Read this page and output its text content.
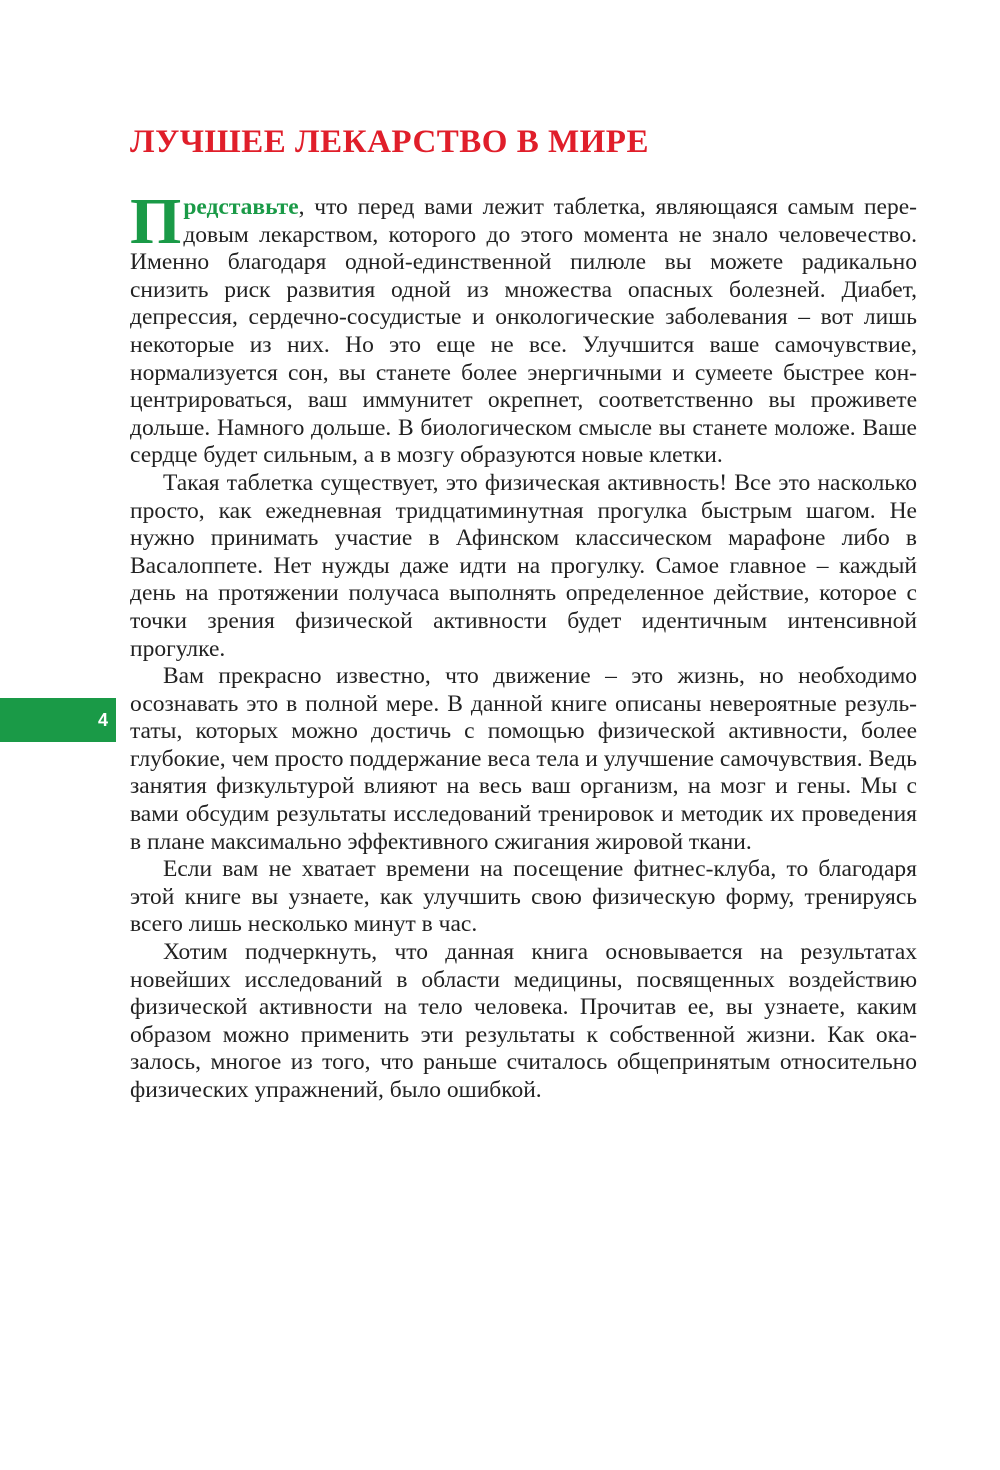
ЛУЧШЕЕ ЛЕКАРСТВО В МИРЕ

Представьте, что перед вами лежит таблетка, являющаяся самым передовым лекарством, которого до этого момента не знало человечество. Именно благодаря одной-единственной пилюле вы можете радикально снизить риск развития одной из множества опасных болезней. Диабет, депрессия, сердечно-сосудистые и онкологические заболевания – вот лишь некоторые из них. Но это еще не все. Улучшится ваше самочувствие, нормализуется сон, вы станете более энергичными и сумеете быстрее концентрироваться, ваш иммунитет окрепнет, соответственно вы проживете дольше. Намного дольше. В биологическом смысле вы станете моложе. Ваше сердце будет сильным, а в мозгу образуются новые клетки.

Такая таблетка существует, это физическая активность! Все это насколько просто, как ежедневная тридцатиминутная прогулка быстрым шагом. Не нужно принимать участие в Афинском классическом марафоне либо в Васалоппете. Нет нужды даже идти на прогулку. Самое главное – каждый день на протяжении получаса выполнять определенное действие, которое с точки зрения физической активности будет идентичным интенсивной прогулке.

Вам прекрасно известно, что движение – это жизнь, но необходимо осознавать это в полной мере. В данной книге описаны невероятные результаты, которых можно достичь с помощью физической активности, более глубокие, чем просто поддержание веса тела и улучшение самочувствия. Ведь занятия физкультурой влияют на весь ваш организм, на мозг и гены. Мы с вами обсудим результаты исследований тренировок и методик их проведения в плане максимально эффективного сжигания жировой ткани.

Если вам не хватает времени на посещение фитнес-клуба, то благодаря этой книге вы узнаете, как улучшить свою физическую форму, тренируясь всего лишь несколько минут в час.

Хотим подчеркнуть, что данная книга основывается на результатах новейших исследований в области медицины, посвященных воздействию физической активности на тело человека. Прочитав ее, вы узнаете, каким образом можно применить эти результаты к собственной жизни. Как оказалось, многое из того, что раньше считалось общепринятым относительно физических упражнений, было ошибкой.

4
